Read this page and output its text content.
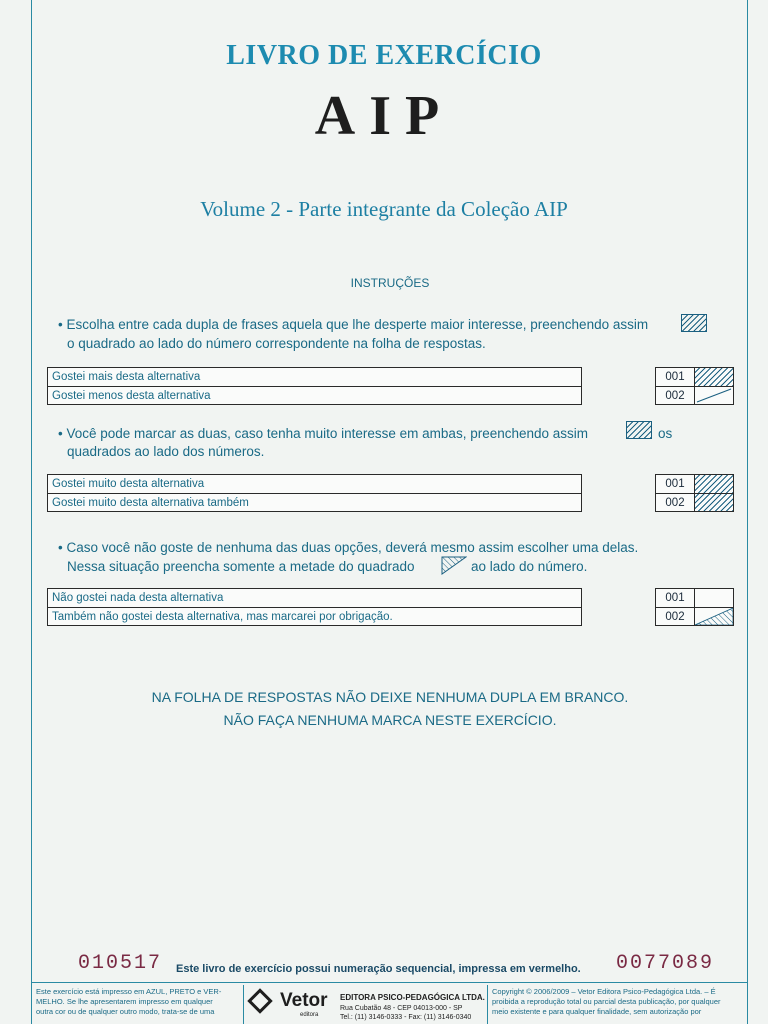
LIVRO DE EXERCÍCIO
AIP
Volume 2 - Parte integrante da Coleção AIP
INSTRUÇÕES
• Escolha entre cada dupla de frases aquela que lhe desperte maior interesse, preenchendo assim
o quadrado ao lado do número correspondente na folha de respostas.
Gostei mais desta alternativa
Gostei menos desta alternativa
001
002
• Você pode marcar as duas, caso tenha muito interesse em ambas, preenchendo assim	os
quadrados ao lado dos números.
Gostei muito desta alternativa
Gostei muito desta alternativa também
001
002
• Caso você não goste de nenhuma das duas opções, deverá mesmo assim escolher uma delas.
Nessa situação preencha somente a metade do quadrado	ao lado do número.
Não gostei nada desta alternativa
Também não gostei desta alternativa, mas marcarei por obrigação.
001
002
NA FOLHA DE RESPOSTAS NÃO DEIXE NENHUMA DUPLA EM BRANCO.
NÃO FAÇA NENHUMA MARCA NESTE EXERCÍCIO.
010517 Este livro de exercício possui numeração sequencial, impressa em vermelho. 0077089
Este exercício está impresso em AZUL, PRETO e VER-
MELHO. Se lhe apresentarem impresso em qualquer
outra cor ou de qualquer outro modo, trata-se de uma
Vetor
editora
EDITORA PSICO-PEDAGÓGICA LTDA.
Rua Cubatão 48 - CEP 04013-000 - SP
Tel.: (11) 3146-0333 - Fax: (11) 3146-0340
Copyright © 2006/2009 – Vetor Editora Psico-Pedagógica Ltda. – É
proibida a reprodução total ou parcial desta publicação, por qualquer
meio existente e para qualquer finalidade, sem autorização por
